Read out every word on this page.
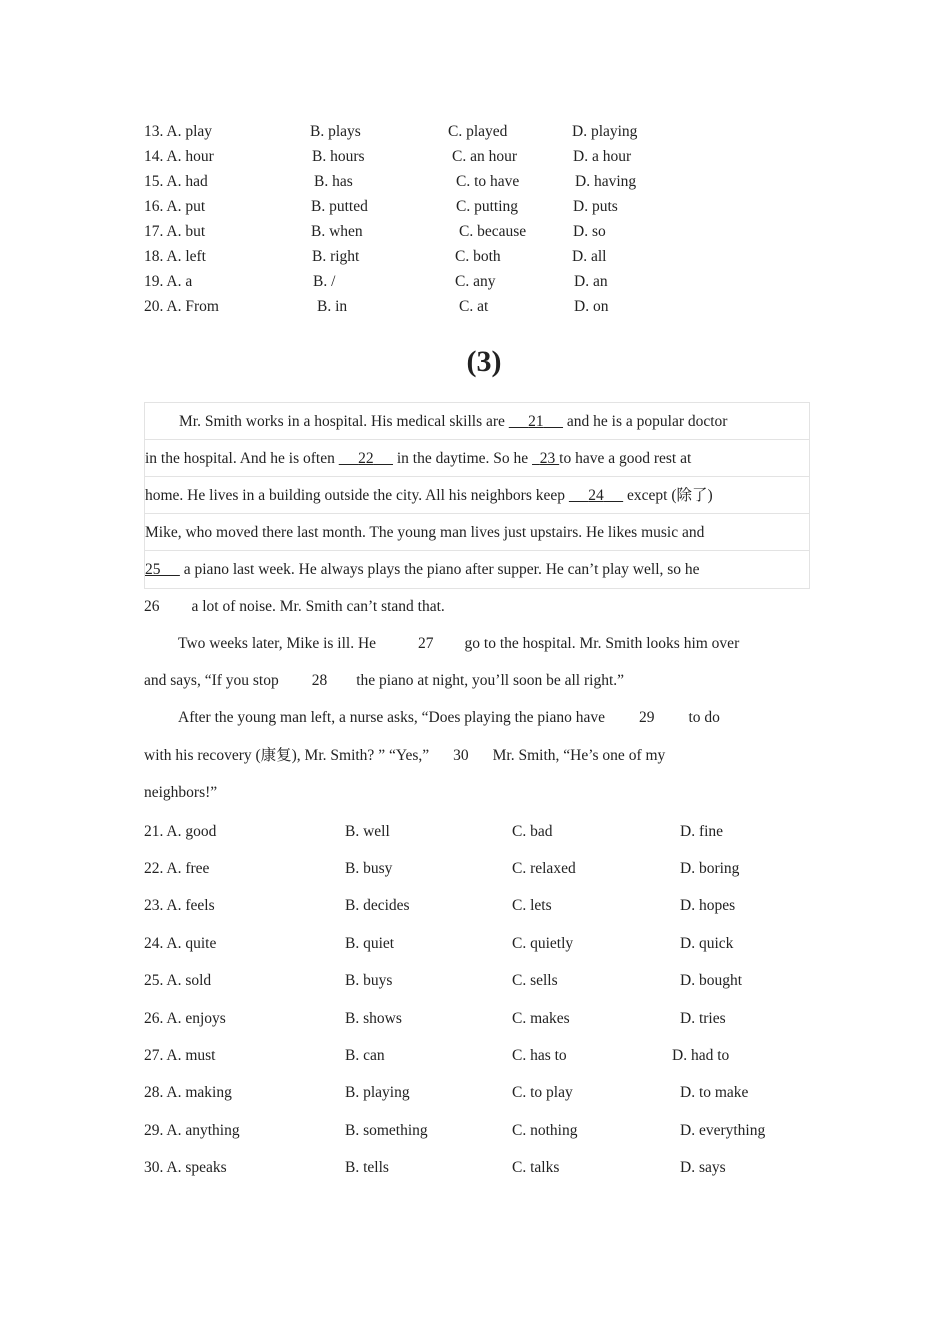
13. A. play	B. plays	C. played	D. playing
14. A. hour	B. hours	C. an hour	D. a hour
15. A. had	B. has	C. to have	D. having
16. A. put	B. putted	C. putting	D. puts
17. A. but	B. when	C. because	D. so
18. A. left	B. right	C. both	D. all
19. A. a	B. /	C. any	D. an
20. A. From	B. in	C. at	D. on
(3)
Mr. Smith works in a hospital. His medical skills are      21      and he is a popular doctor
in the hospital. And he is often      22      in the daytime. So he   23 to have a good rest at
home. He lives in a building outside the city. All his neighbors keep      24      except (除了)
Mike, who moved there last month. The young man lives just upstairs. He likes music and
25      a piano last week. He always plays the piano after supper. He can’t play well, so he
26 a lot of noise. Mr. Smith can’t stand that.
Two weeks later, Mike is ill. He	27 go to the hospital. Mr. Smith looks him over
and says, “If you stop 28 the piano at night, you’ll soon be all right.”
After the young man left, a nurse asks, “Does playing the piano have 29 to do
with his recovery (康复), Mr. Smith? ” “Yes,” 30 Mr. Smith, “He’s one of my
neighbors!”
21. A. good	B. well	C. bad	D. fine
22. A. free	B. busy	C. relaxed	D. boring
23. A. feels	B. decides	C. lets	D. hopes
24. A. quite	B. quiet	C. quietly	D. quick
25. A. sold	B. buys	C. sells	D. bought
26. A. enjoys	B. shows	C. makes	D. tries
27. A. must	B. can	C. has to	D. had to
28. A. making	B. playing	C. to play	D. to make
29. A. anything	B. something	C. nothing	D. everything
30. A. speaks	B. tells	C. talks	D. says
